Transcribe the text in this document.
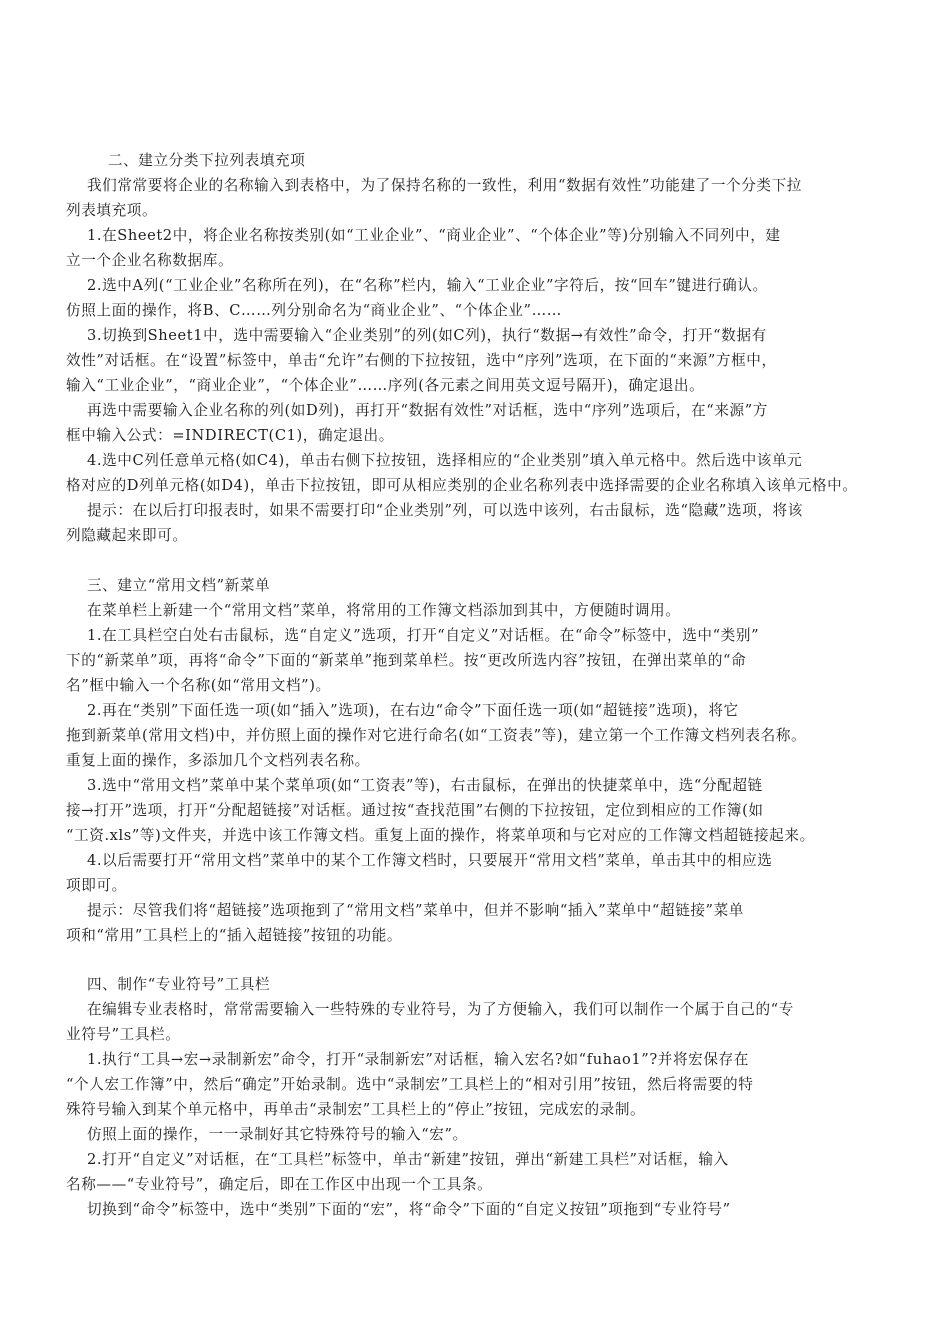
二、建立分类下拉列表填充项
我们常常要将企业的名称输入到表格中，为了保持名称的一致性，利用“数据有效性”功能建了一个分类下拉
列表填充项。
1.在Sheet2中，将企业名称按类别(如“工业企业”、“商业企业”、“个体企业”等)分别输入不同列中，建
立一个企业名称数据库。
2.选中A列(“工业企业”名称所在列)，在“名称”栏内，输入“工业企业”字符后，按“回车”键进行确认。
仿照上面的操作，将B、C……列分别命名为“商业企业”、“个体企业”……
3.切换到Sheet1中，选中需要输入“企业类别”的列(如C列)，执行“数据→有效性”命令，打开“数据有
效性”对话框。在“设置”标签中，单击“允许”右侧的下拉按钮，选中“序列”选项，在下面的“来源”方框中，
输入“工业企业”，“商业企业”，“个体企业”……序列(各元素之间用英文逗号隔开)，确定退出。
再选中需要输入企业名称的列(如D列)，再打开“数据有效性”对话框，选中“序列”选项后，在“来源”方
框中输入公式：=INDIRECT(C1)，确定退出。
4.选中C列任意单元格(如C4)，单击右侧下拉按钮，选择相应的“企业类别”填入单元格中。然后选中该单元
格对应的D列单元格(如D4)，单击下拉按钮，即可从相应类别的企业名称列表中选择需要的企业名称填入该单元格中。
提示：在以后打印报表时，如果不需要打印“企业类别”列，可以选中该列，右击鼠标，选“隐藏”选项，将该
列隐藏起来即可。
三、建立“常用文档”新菜单
在菜单栏上新建一个“常用文档”菜单，将常用的工作簿文档添加到其中，方便随时调用。
1.在工具栏空白处右击鼠标，选“自定义”选项，打开“自定义”对话框。在“命令”标签中，选中“类别”
下的“新菜单”项，再将“命令”下面的“新菜单”拖到菜单栏。按“更改所选内容”按钮，在弹出菜单的“命
名”框中输入一个名称(如“常用文档”)。
2.再在“类别”下面任选一项(如“插入”选项)，在右边“命令”下面任选一项(如“超链接”选项)，将它
拖到新菜单(常用文档)中，并仿照上面的操作对它进行命名(如“工资表”等)，建立第一个工作簿文档列表名称。
重复上面的操作，多添加几个文档列表名称。
3.选中“常用文档”菜单中某个菜单项(如“工资表”等)，右击鼠标，在弹出的快捷菜单中，选“分配超链
接→打开”选项，打开“分配超链接”对话框。通过按“查找范围”右侧的下拉按钮，定位到相应的工作簿(如
“工资.xls”等)文件夹，并选中该工作簿文档。重复上面的操作，将菜单项和与它对应的工作簿文档超链接起来。
4.以后需要打开“常用文档”菜单中的某个工作簿文档时，只要展开“常用文档”菜单，单击其中的相应选
项即可。
提示：尽管我们将“超链接”选项拖到了“常用文档”菜单中，但并不影响“插入”菜单中“超链接”菜单
项和“常用”工具栏上的“插入超链接”按钮的功能。
四、制作“专业符号”工具栏
在编辑专业表格时，常常需要输入一些特殊的专业符号，为了方便输入，我们可以制作一个属于自己的“专
业符号”工具栏。
1.执行“工具→宏→录制新宏”命令，打开“录制新宏”对话框，输入宏名?如“fuhao1”?并将宏保存在
“个人宏工作簿”中，然后“确定”开始录制。选中“录制宏”工具栏上的“相对引用”按钮，然后将需要的特
殊符号输入到某个单元格中，再单击“录制宏”工具栏上的“停止”按钮，完成宏的录制。
仿照上面的操作，一一录制好其它特殊符号的输入“宏”。
2.打开“自定义”对话框，在“工具栏”标签中，单击“新建”按钮，弹出“新建工具栏”对话框，输入
名称——“专业符号”，确定后，即在工作区中出现一个工具条。
切换到“命令”标签中，选中“类别”下面的“宏”，将“命令”下面的“自定义按钮”项拖到“专业符号”
